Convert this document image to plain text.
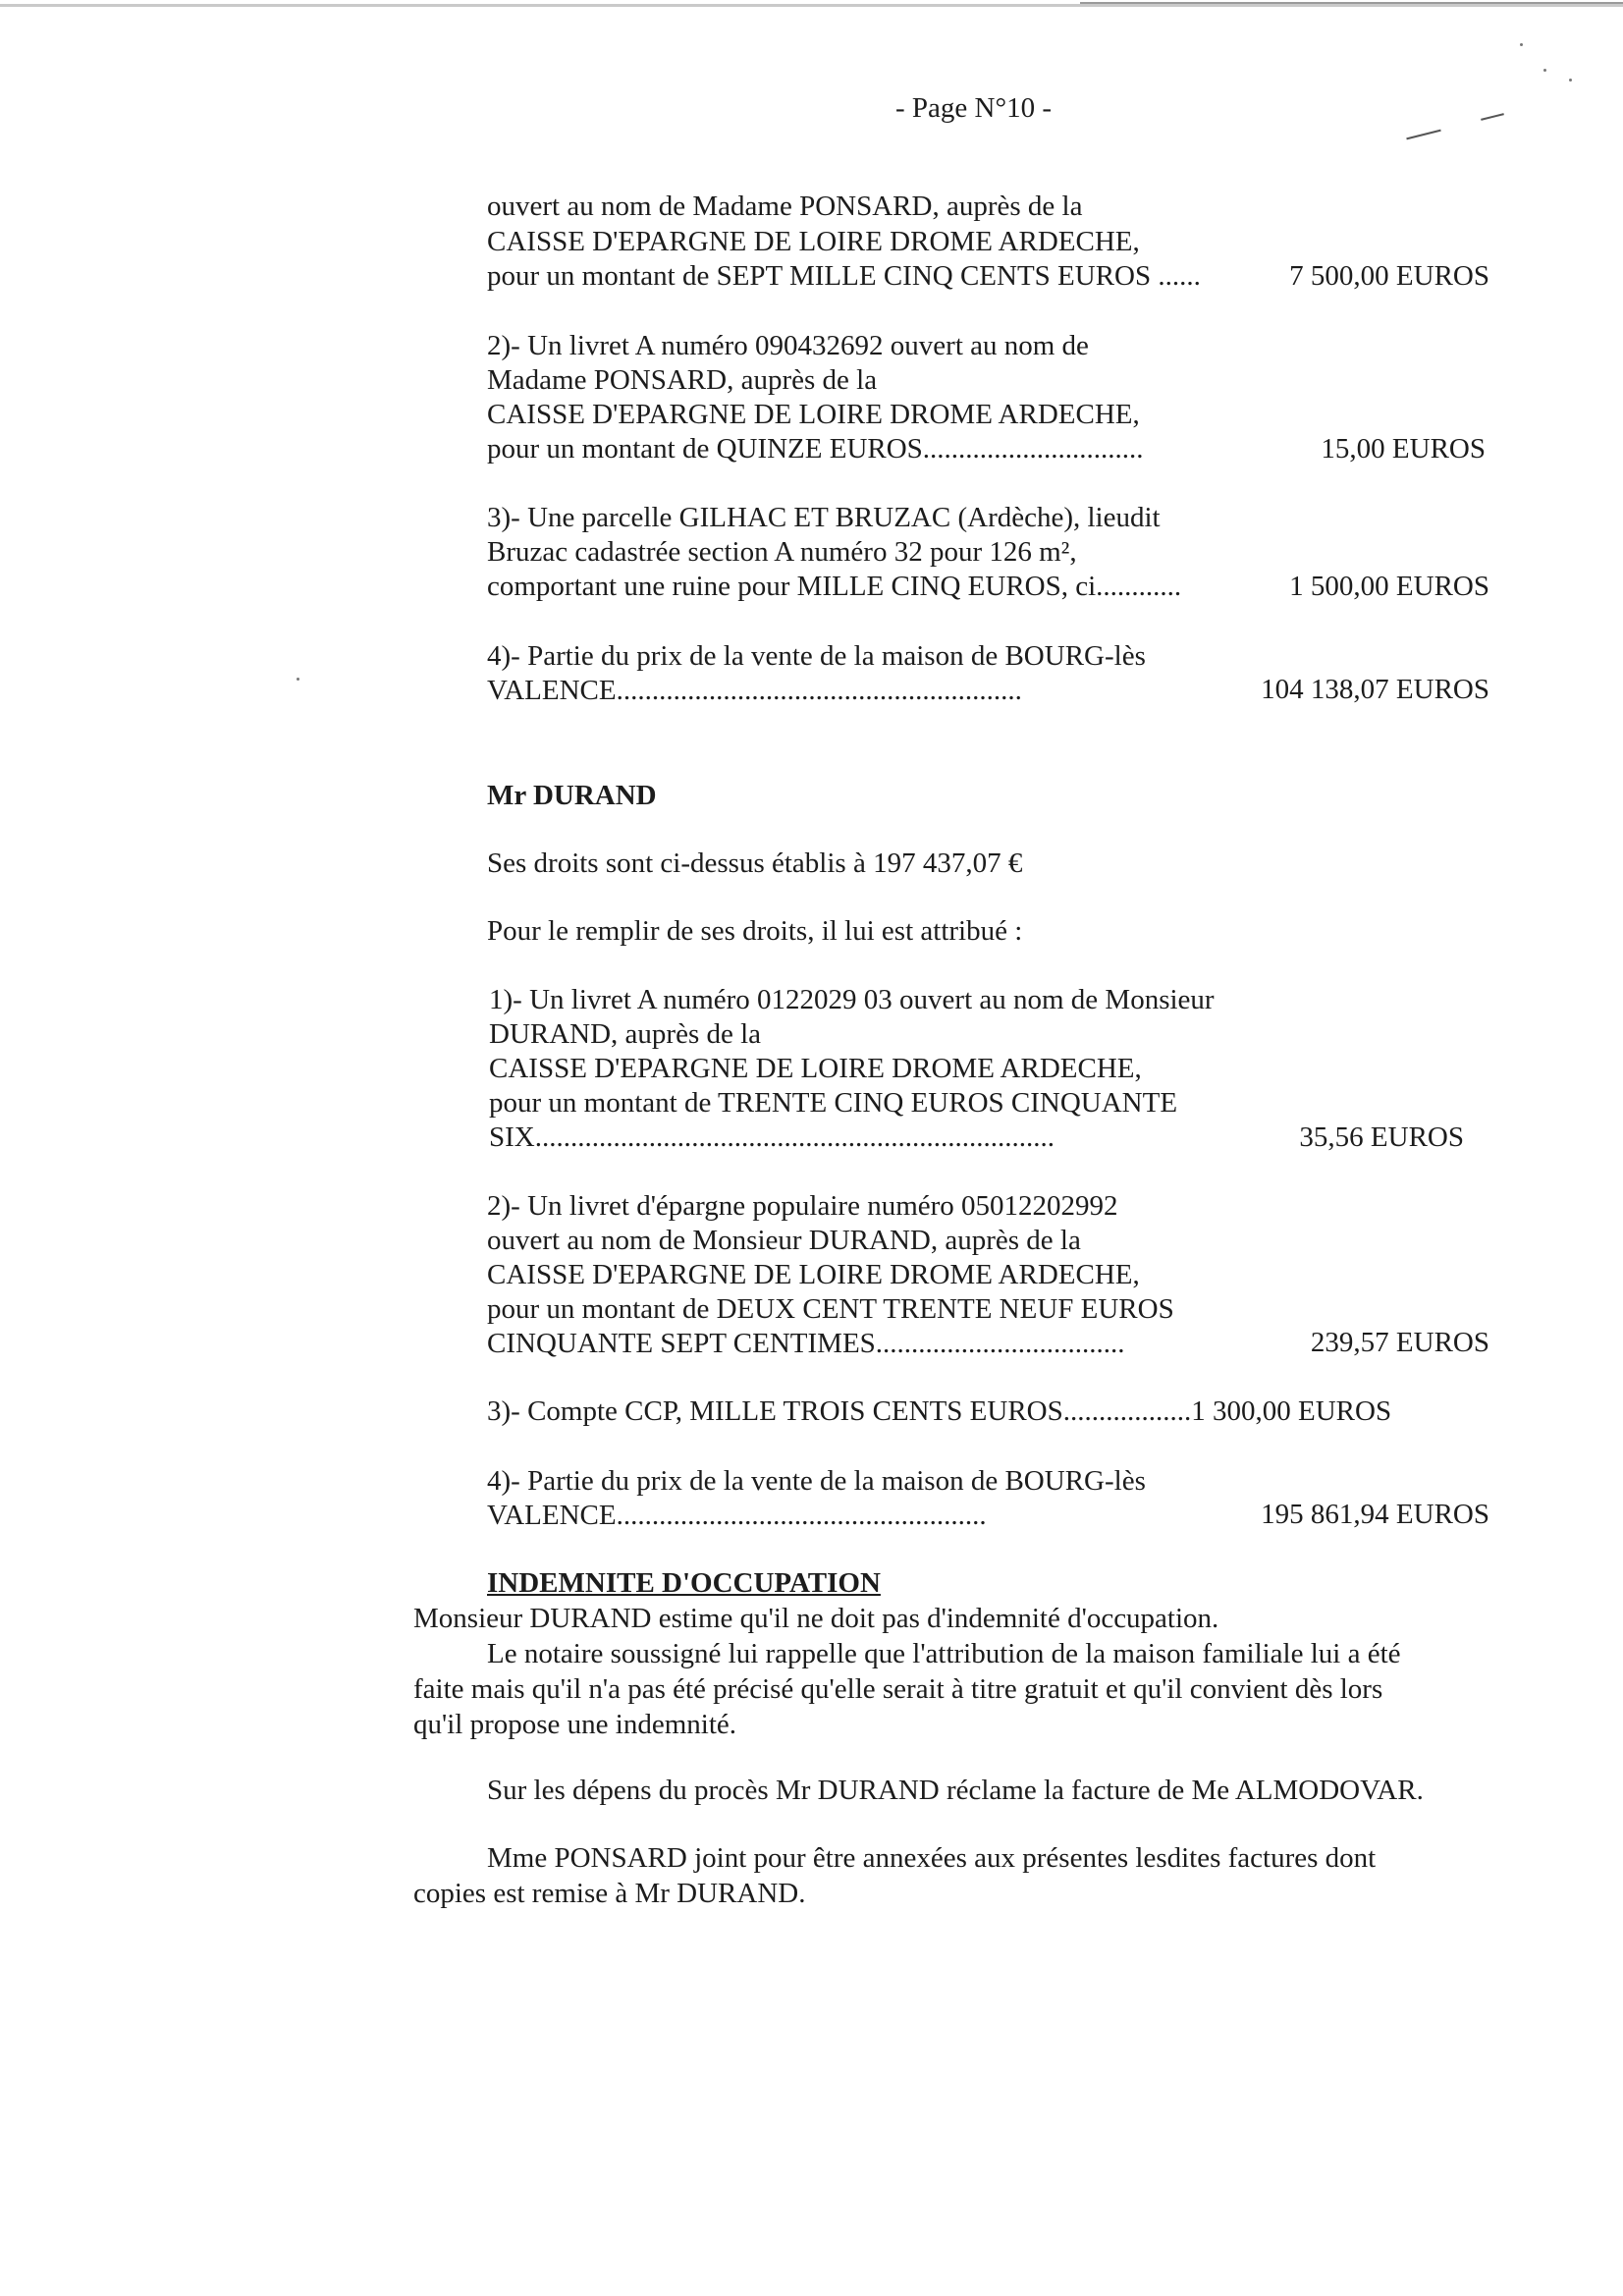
- Page N°10 -
ouvert au nom de Madame PONSARD, auprès de la
CAISSE D'EPARGNE DE LOIRE DROME ARDECHE,
pour un montant de SEPT MILLE CINQ CENTS EUROS ......	7 500,00 EUROS
2)- Un livret A numéro 090432692 ouvert au nom de
Madame PONSARD, auprès de la
CAISSE D'EPARGNE DE LOIRE DROME ARDECHE,
pour un montant de QUINZE EUROS...............................	15,00 EUROS
3)- Une parcelle GILHAC ET BRUZAC (Ardèche), lieudit
Bruzac cadastrée section A numéro 32 pour 126 m²,
comportant une ruine pour MILLE CINQ EUROS, ci............	1 500,00 EUROS
4)- Partie du prix de la vente de la maison de BOURG-lès
VALENCE.........................................................	104 138,07 EUROS
Mr DURAND
Ses droits sont ci-dessus établis à 197 437,07 €
Pour le remplir de ses droits, il lui est attribué :
1)- Un livret A numéro 0122029 03 ouvert au nom de Monsieur
DURAND, auprès de la
CAISSE D'EPARGNE DE LOIRE DROME ARDECHE,
pour un montant de TRENTE CINQ EUROS CINQUANTE
SIX.........................................................................	35,56 EUROS
2)- Un livret d'épargne populaire numéro 05012202992
ouvert au nom de Monsieur DURAND, auprès de la
CAISSE D'EPARGNE DE LOIRE DROME ARDECHE,
pour un montant de DEUX CENT TRENTE NEUF EUROS
CINQUANTE SEPT CENTIMES...................................	239,57 EUROS
3)- Compte CCP, MILLE TROIS CENTS EUROS..................1 300,00 EUROS
4)- Partie du prix de la vente de la maison de BOURG-lès
VALENCE....................................................	195 861,94 EUROS
INDEMNITE D'OCCUPATION
Monsieur DURAND estime qu'il ne doit pas d'indemnité d'occupation.
Le notaire soussigné lui rappelle que l'attribution de la maison familiale lui a été
faite mais qu'il n'a pas été précisé qu'elle serait à titre gratuit et qu'il convient dès lors
qu'il propose une indemnité.
Sur les dépens du procès Mr DURAND réclame la facture de Me ALMODOVAR.
Mme PONSARD joint pour être annexées aux présentes lesdites factures dont
copies est remise à Mr DURAND.
